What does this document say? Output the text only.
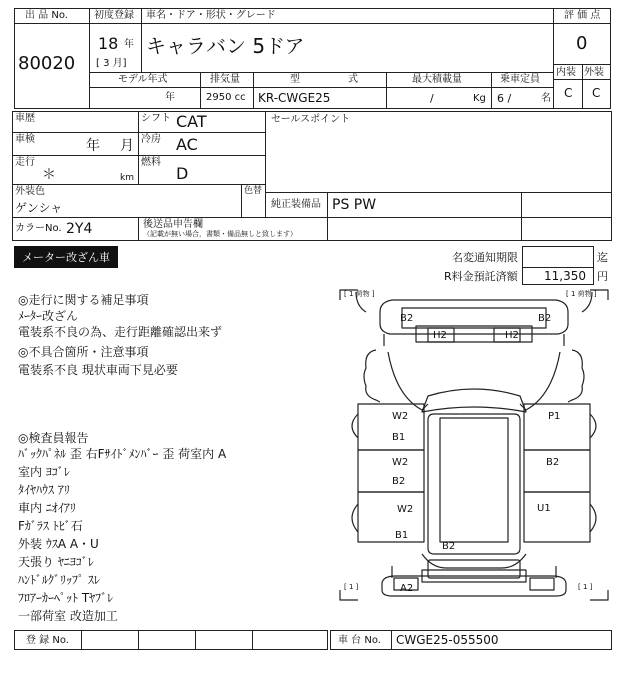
出 品 No.
80020
初度登録
18 年
[ 3 月]
車名・ドア・形状・グレード
キャラバン 5ドア
評 価 点
0
内装 外装
C C
モデル年式
年
排気量
2950 cc
型	式
KR-CWGE25
最大積載量
/	Kg
乗車定員
6 /	名
車歴	シフト CAT
車検	年 月 冷房 AC
走行
＊	km
燃料
D
セールスポイント
外装色
ゲンシャ
色替
純正装備品 PS PW
カラーNo. 2Y4	後送品申告欄
（記載が無い場合，書類・備品無しと致します）
メーター改ざん車	名変通知期限	迄
R料金預託済額 11,350 円
◎走行に関する補足事項
ﾒｰﾀｰ改ざん
電装系不良の為、走行距離確認出来ず
◎不具合箇所・注意事項
電装系不良 現状車両下見必要
◎検査員報告
ﾊﾞｯｸﾊﾟﾈﾙ 歪 右Fｻｲﾄﾞﾒﾝﾊﾞｰ 歪 荷室内 A
室内 ﾖｺﾞﾚ
ﾀｲﾔﾊｳｽ ｱﾘ
車内 ﾆｵｲｱﾘ
Fｶﾞﾗｽ ﾄﾋﾞ石
外装 ｳｽA A・U
天張り ﾔﾆﾖｺﾞﾚ
ﾊﾝﾄﾞﾙｸﾞﾘｯﾌﾟ ｽﾚ
ﾌﾛｱｰｶｰﾍﾟｯﾄ Tﾔﾌﾞﾚ
一部荷室 改造加工
[ 1 荷物 ]	[ 1 荷物 ]
[ 1 ]	[ 1 ]
B2	B2
H2	H2
W2
B1
W2
B2
W2
B1
P1
B2
U1
B2
A2
登 録 No.	車 台 No. CWGE25-055500
